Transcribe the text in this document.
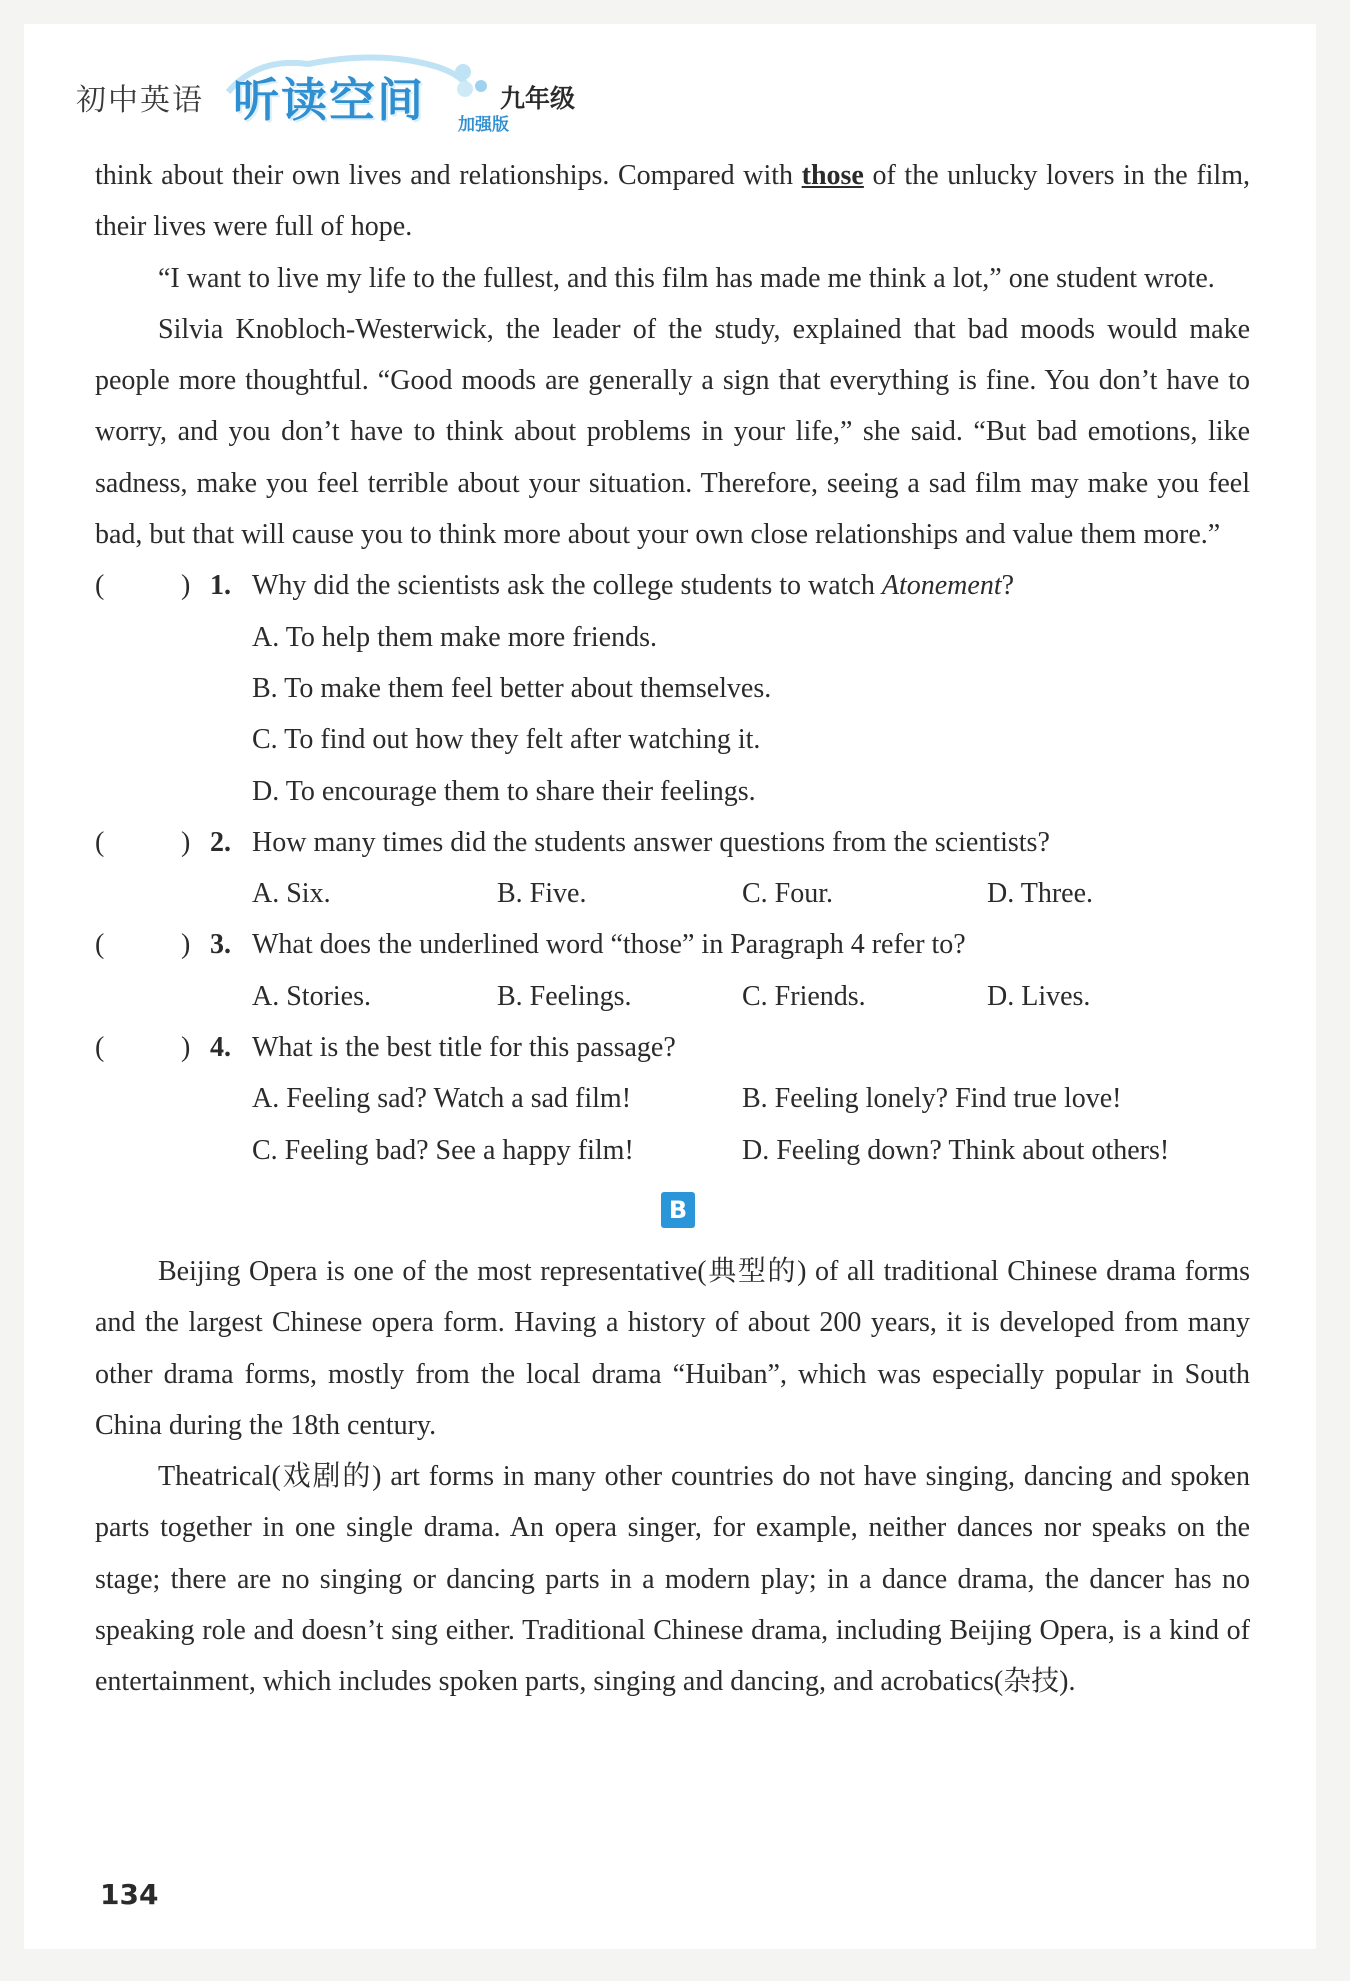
初中英语 听读空间 加强版
九年级

think about their own lives and relationships. Compared with those of the unlucky lovers in the film, their lives were full of hope.

“I want to live my life to the fullest, and this film has made me think a lot,” one student wrote.

Silvia Knobloch-Westerwick, the leader of the study, explained that bad moods would make people more thoughtful. “Good moods are generally a sign that everything is fine. You don’t have to worry, and you don’t have to think about problems in your life,” she said. “But bad emotions, like sadness, make you feel terrible about your situation. Therefore, seeing a sad film may make you feel bad, but that will cause you to think more about your own close relationships and value them more.”

(	) 1. Why did the scientists ask the college students to watch Atonement?
A. To help them make more friends.
B. To make them feel better about themselves.
C. To find out how they felt after watching it.
D. To encourage them to share their feelings.
(	) 2. How many times did the students answer questions from the scientists?
A. Six.	B. Five.	C. Four.	D. Three.
(	) 3. What does the underlined word “those” in Paragraph 4 refer to?
A. Stories.	B. Feelings.	C. Friends.	D. Lives.
(	) 4. What is the best title for this passage?
A. Feeling sad? Watch a sad film!	B. Feeling lonely? Find true love!
C. Feeling bad? See a happy film!	D. Feeling down? Think about others!
B

Beijing Opera is one of the most representative(典型的) of all traditional Chinese drama forms and the largest Chinese opera form. Having a history of about 200 years, it is developed from many other drama forms, mostly from the local drama “Huiban”, which was especially popular in South China during the 18th century.

Theatrical(戏剧的) art forms in many other countries do not have singing, dancing and spoken parts together in one single drama. An opera singer, for example, neither dances nor speaks on the stage; there are no singing or dancing parts in a modern play; in a dance drama, the dancer has no speaking role and doesn’t sing either. Traditional Chinese drama, including Beijing Opera, is a kind of entertainment, which includes spoken parts, singing and dancing, and acrobatics(杂技).

134
